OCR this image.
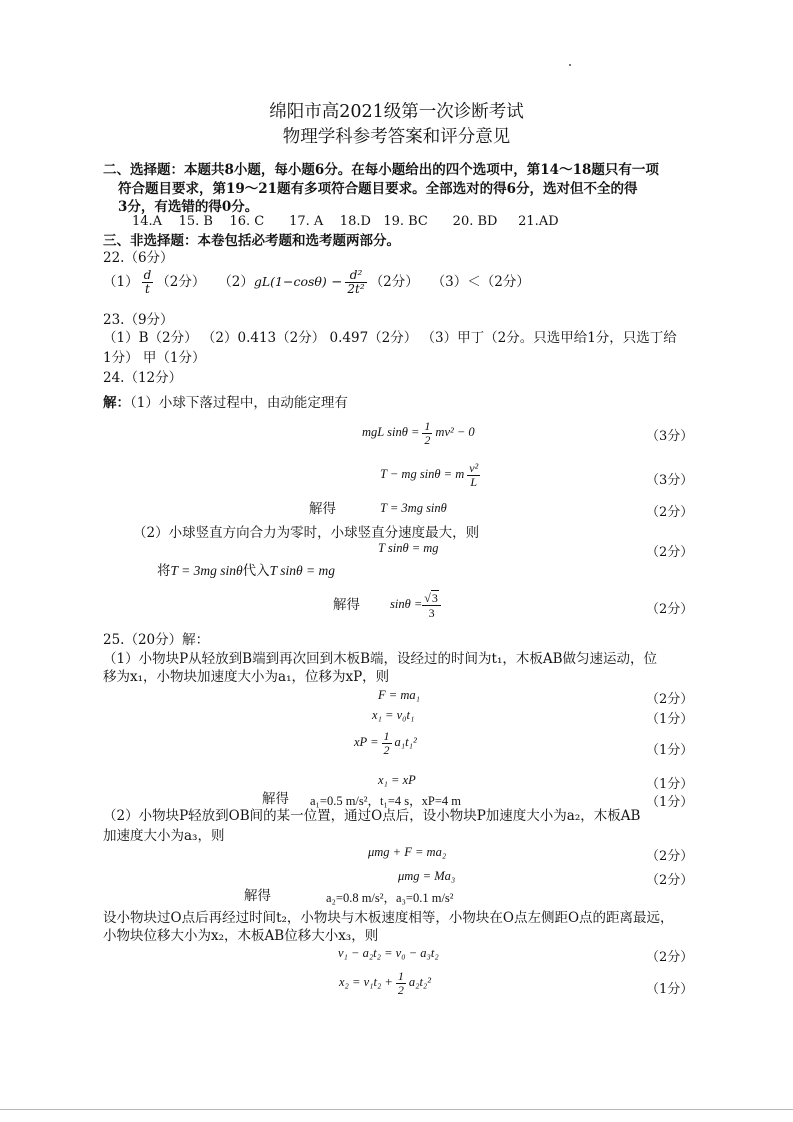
绵阳市高2021级第一次诊断考试
物理学科参考答案和评分意见
二、选择题：本题共8小题，每小题6分。在每小题给出的四个选项中，第14～18题只有一项
符合题目要求，第19～21题有多项符合题目要求。全部选对的得6分，选对但不全的得
3分，有选错的得0分。
14.A 15. B 16. C 17. A 18.D 19. BC 20. BD 21.AD
三、非选择题：本卷包括必考题和选考题两部分。
22.（6分）
$(1) \frac{d}{t} (2$分） $(2)gL(1-\cos\theta) - \frac{\text{d²}}{\text{2t²}} (2$分） （3）＜（2分）
23.（9分）
（1）B（2分） （2）0.413（2分） 0.497（2分） （3）甲丁（2分。只选甲给1分，只选丁给
1分） 甲（1分）
24.（12分）
解：（1）小球下落过程中，由动能定理有
mgL $\sin\theta = \frac{1}{2} mv^2 - 0$	（3分）
T − mg sinθ = m $\frac{\text{v²}}{L}$	（3分）
解得	T = 3mg sinθ	（2分）
（2）小球竖直方向合力为零时，小球竖直分速度最大，则
T sinθ = mg	（2分）
将T = 3mg sinθ代入T sinθ = mg
解得 $\sin\theta = \frac{√3}{3}$	（2分）
25.（20分）解：
（1）小物块P从轻放到B端到再次回到木板B端，设经过的时间为t₁，木板AB做匀速运动，位
移为x₁，小物块加速度大小为a₁，位移为xP，则
F = ma₁	（2分）
x₁ = v₀t₁	（1分）
xP = $\frac{1}{2} a_1t_1^2$
（1分）
x₁ = xP	（1分）
解得 a₁=0.5 m/s²，t₁=4 s，xP=4 m	（1分）
（2）小物块P轻放到OB间的某一位置，通过O点后，设小物块P加速度大小为a₂，木板AB
加速度大小为a₃，则
μmg + F = ma₂	（2分）
μmg = Ma₃	（2分）
解得	a₂=0.8 m/s²，a₃=0.1 m/s²
设小物块过O点后再经过时间t₂，小物块与木板速度相等，小物块在O点左侧距O点的距离最远，
小物块位移大小为x₂，木板AB位移大小x₃，则
v₁ − a₂t₂ = v₀ − a₃t₂	（2分）
$x_2 = v_1t_2 + \frac{1}{2} a_2t_2^2$	（1分）
